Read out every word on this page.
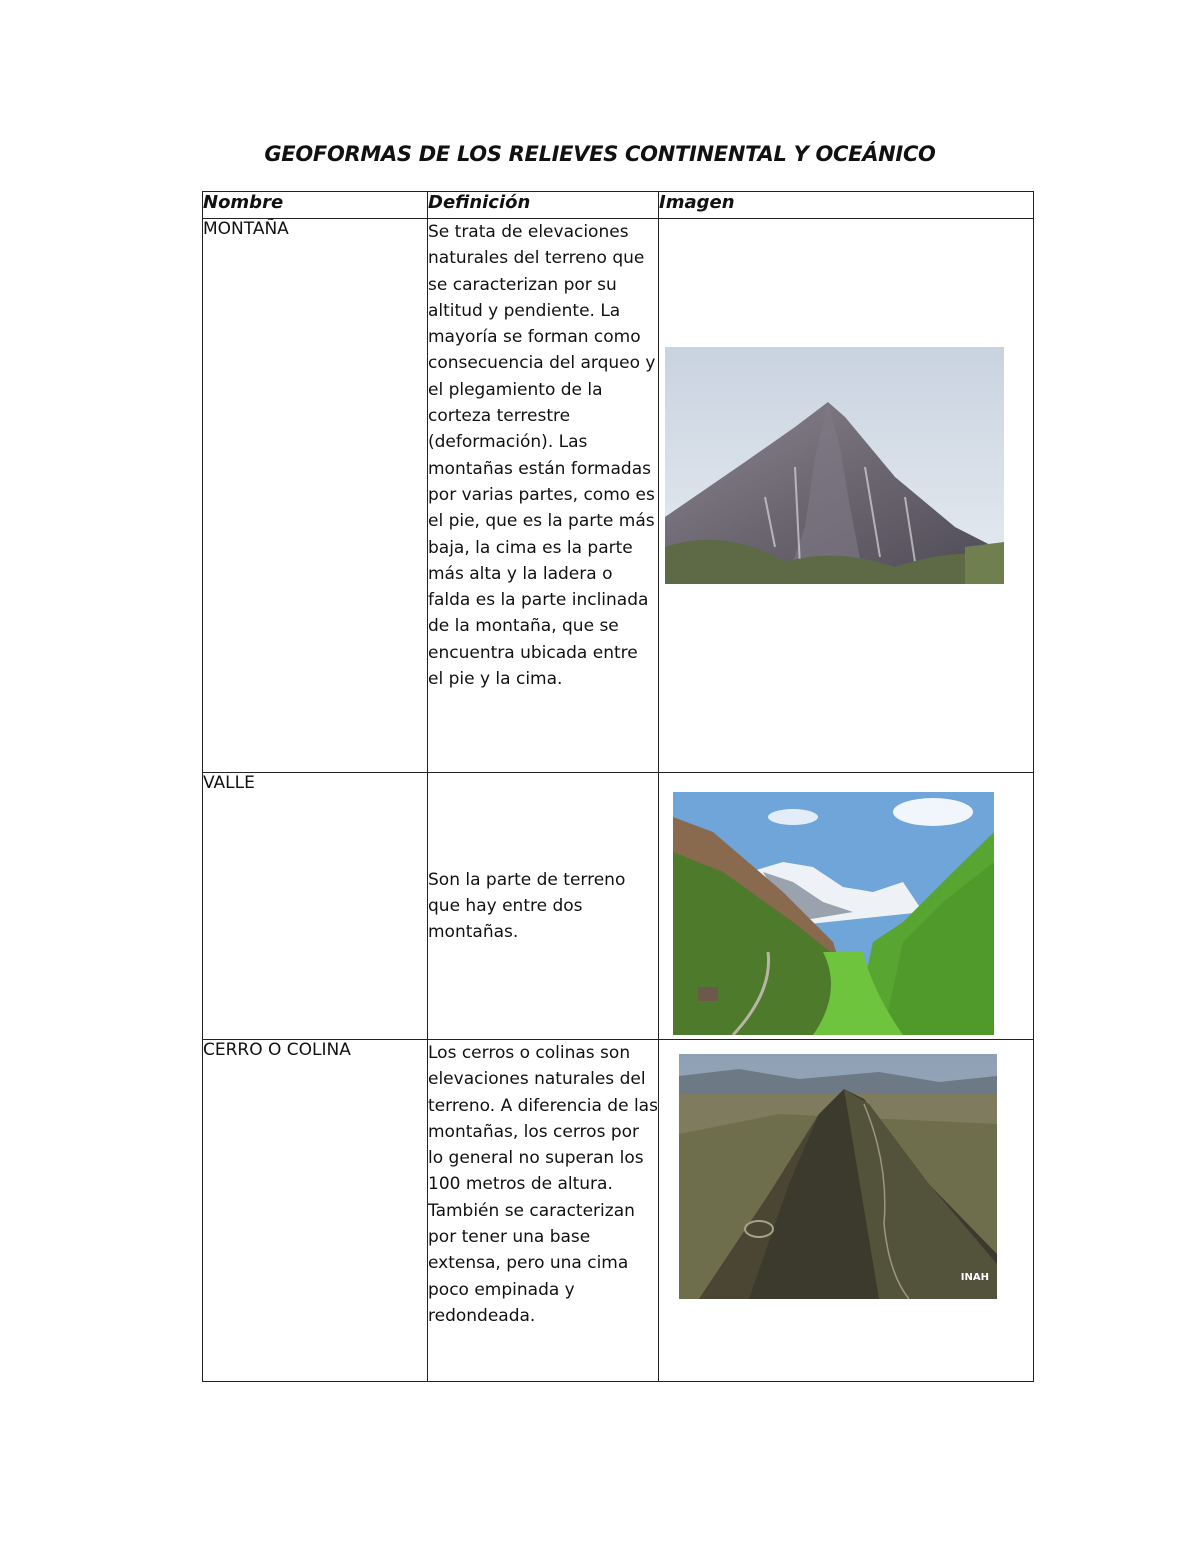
GEOFORMAS DE LOS RELIEVES CONTINENTAL Y OCEÁNICO
Nombre	Definición	Imagen
MONTAÑA	Se trata de elevaciones naturales del terreno que se caracterizan por su altitud y pendiente. La mayoría se forman como consecuencia del arqueo y el plegamiento de la corteza terrestre (deformación). Las montañas están formadas por varias partes, como es el pie, que es la parte más baja, la cima es la parte más alta y la ladera o falda es la parte inclinada de la montaña, que se encuentra ubicada entre el pie y la cima.	

VALLE	Son la parte de terreno que hay entre dos montañas.	

CERRO O COLINA	Los cerros o colinas son elevaciones naturales del terreno. A diferencia de las montañas, los cerros por lo general no superan los 100 metros de altura. También se caracterizan por tener una base extensa, pero una cima poco empinada y redondeada.	INAH
